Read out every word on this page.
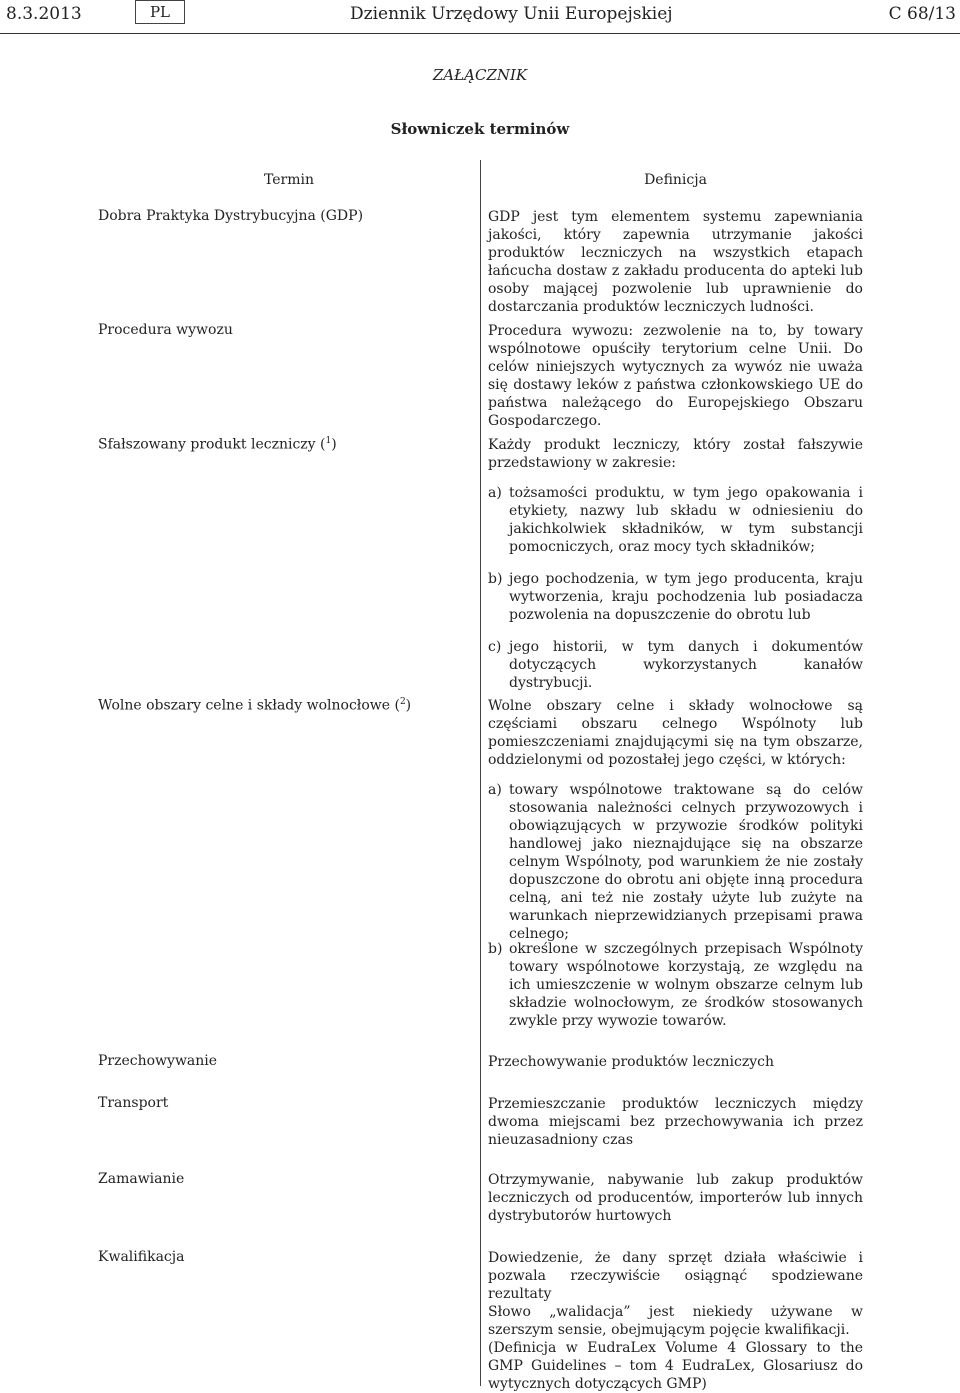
8.3.2013	PL	Dziennik Urzędowy Unii Europejskiej	C 68/13
ZAŁĄCZNIK
Słowniczek terminów
Termin	Definicja
Dobra Praktyka Dystrybucyjna (GDP)	GDP jest tym elementem systemu zapewniania jakości, który zapewnia utrzymanie jakości produktów leczniczych na wszystkich etapach łańcucha dostaw z zakładu producenta do apteki lub osoby mającej pozwolenie lub uprawnienie do dostarczania produktów leczniczych ludności.
Procedura wywozu	Procedura wywozu: zezwolenie na to, by towary wspólnotowe opuściły terytorium celne Unii. Do celów niniejszych wytycznych za wywóz nie uważa się dostawy leków z państwa członkowskiego UE do państwa należącego do Europejskiego Obszaru Gospodarczego.
Sfałszowany produkt leczniczy ($^1$)	Każdy produkt leczniczy, który został fałszywie przedstawiony w zakresie:
a) tożsamości produktu, w tym jego opakowania i etykiety, nazwy lub składu w odniesieniu do jakichkolwiek składników, w tym substancji pomocniczych, oraz mocy tych składników;
b) jego pochodzenia, w tym jego producenta, kraju wytworzenia, kraju pochodzenia lub posiadacza pozwolenia na dopuszczenie do obrotu lub
c) jego historii, w tym danych i dokumentów dotyczących wykorzystanych kanałów dystrybucji.
Wolne obszary celne i składy wolnocłowe ($^2$)	Wolne obszary celne i składy wolnocłowe są częściami obszaru celnego Wspólnoty lub pomieszczeniami znajdującymi się na tym obszarze, oddzielonymi od pozostałej jego części, w których:
a) towary wspólnotowe traktowane są do celów stosowania należności celnych przywozowych i obowiązujących w przywozie środków polityki handlowej jako nieznajdujące się na obszarze celnym Wspólnoty, pod warunkiem że nie zostały dopuszczone do obrotu ani objęte inną procedura celną, ani też nie zostały użyte lub zużyte na warunkach nieprzewidzianych przepisami prawa celnego;
b) określone w szczególnych przepisach Wspólnoty towary wspólnotowe korzystają, ze względu na ich umieszczenie w wolnym obszarze celnym lub składzie wolnocłowym, ze środków stosowanych zwykle przy wywozie towarów.
Przechowywanie	Przechowywanie produktów leczniczych
Transport	Przemieszczanie produktów leczniczych między dwoma miejscami bez przechowywania ich przez nieuzasadniony czas
Zamawianie	Otrzymywanie, nabywanie lub zakup produktów leczniczych od producentów, importerów lub innych dystrybutorów hurtowych
Kwalifikacja	Dowiedzenie, że dany sprzęt działa właściwie i pozwala rzeczywiście osiągnąć spodziewane rezultaty
Słowo „walidacja” jest niekiedy używane w szerszym sensie, obejmującym pojęcie kwalifikacji.
(Definicja w EudraLex Volume 4 Glossary to the GMP Guidelines – tom 4 EudraLex, Glosariusz do wytycznych dotyczących GMP)
